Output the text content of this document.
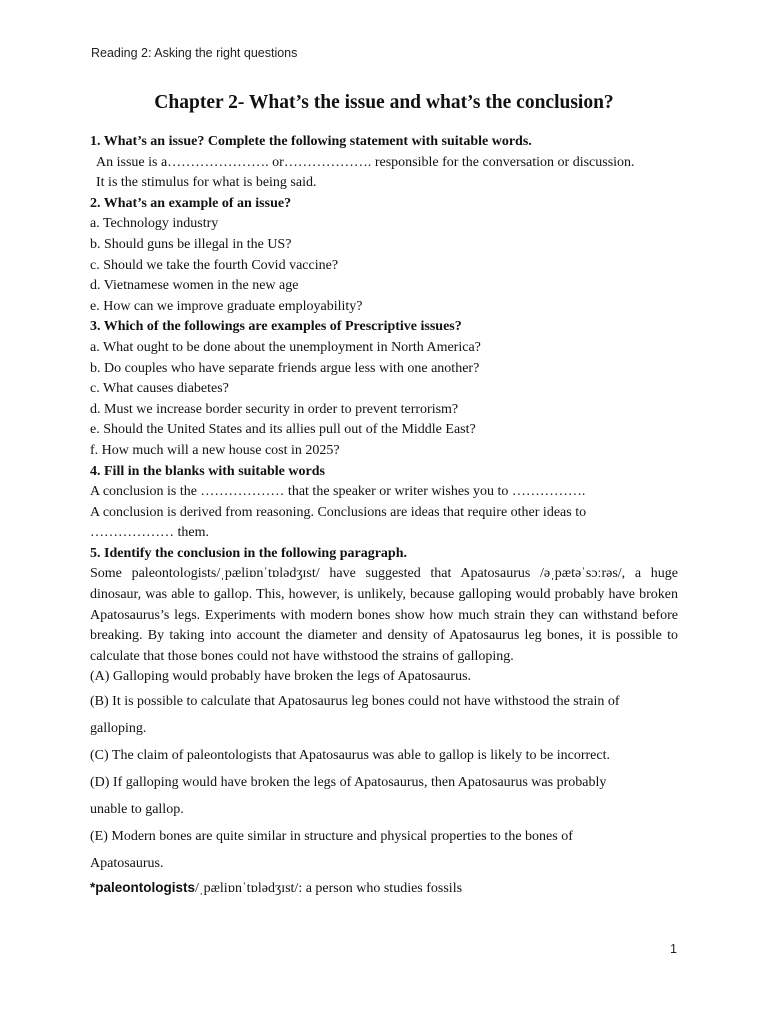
Reading 2: Asking the right questions
Chapter 2- What’s the issue and what’s the conclusion?
1. What’s an issue? Complete the following statement with suitable words.
An issue is a…………………. or………………. responsible for the conversation or discussion.
It is the stimulus for what is being said.
2. What’s an example of an issue?
a. Technology industry
b. Should guns be illegal in the US?
c. Should we take the fourth Covid vaccine?
d. Vietnamese women in the new age
e. How can we improve graduate employability?
3. Which of the followings are examples of Prescriptive issues?
a. What ought to be done about the unemployment in North America?
b. Do couples who have separate friends argue less with one another?
c. What causes diabetes?
d. Must we increase border security in order to prevent terrorism?
e. Should the United States and its allies pull out of the Middle East?
f. How much will a new house cost in 2025?
4. Fill in the blanks with suitable words
A conclusion is the ……………… that the speaker or writer wishes you to …………….
A conclusion is derived from reasoning. Conclusions are ideas that require other ideas to
……………… them.
5. Identify the conclusion in the following paragraph.

Some paleontologists/ˌpæliɒnˈtɒlədʒɪst/ have suggested that Apatosaurus /əˌpætəˈsɔːrəs/, a huge dinosaur, was able to gallop. This, however, is unlikely, because galloping would probably have broken Apatosaurus’s legs. Experiments with modern bones show how much strain they can withstand before breaking. By taking into account the diameter and density of Apatosaurus leg bones, it is possible to calculate that those bones could not have withstood the strains of galloping.

(A) Galloping would probably have broken the legs of Apatosaurus.
(B) It is possible to calculate that Apatosaurus leg bones could not have withstood the strain of
galloping.
(C) The claim of paleontologists that Apatosaurus was able to gallop is likely to be incorrect.
(D) If galloping would have broken the legs of Apatosaurus, then Apatosaurus was probably
unable to gallop.
(E) Modern bones are quite similar in structure and physical properties to the bones of
Apatosaurus.
*paleontologists/ˌpæliɒnˈtɒlədʒɪst/: a person who studies fossils
1
